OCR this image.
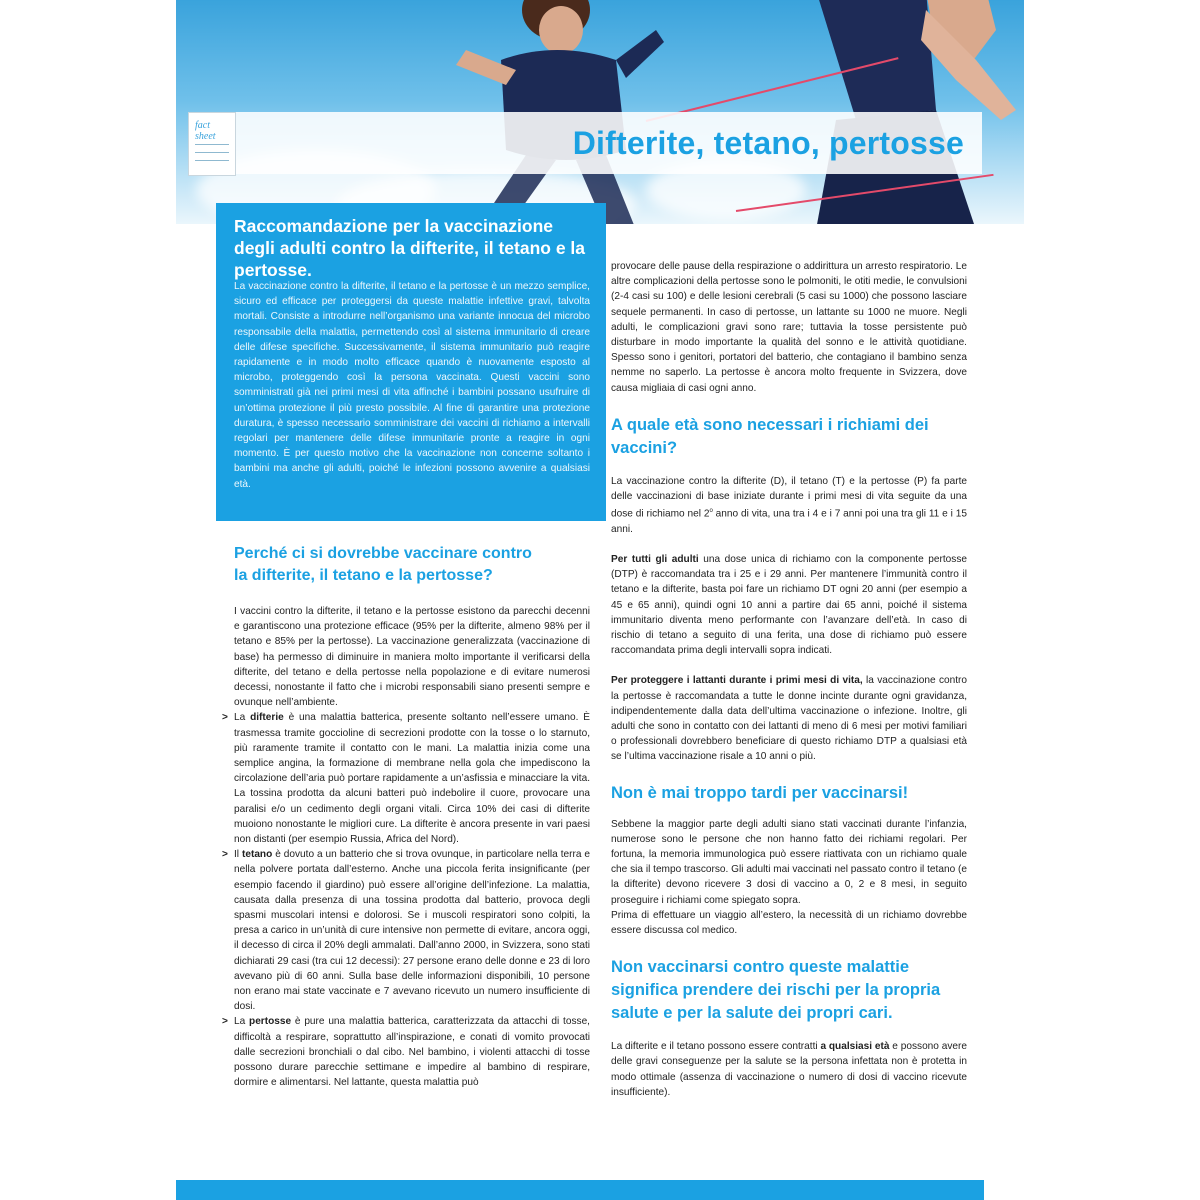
fact
sheet	Difterite, tetano, pertosse
Raccomandazione per la vaccinazione degli adulti contro la difterite, il tetano e la pertosse.

La vaccinazione contro la difterite, il tetano e la pertosse è un mezzo semplice, sicuro ed efficace per proteggersi da queste malattie infettive gravi, talvolta mortali. Consiste a introdurre nell’organismo una variante innocua del microbo responsabile della malattia, permettendo così al sistema immunitario di creare delle difese specifiche. Successivamente, il sistema immunitario può reagire rapidamente e in modo molto efficace quando è nuovamente esposto al microbo, proteggendo così la persona vaccinata. Questi vaccini sono somministrati già nei primi mesi di vita affinché i bambini possano usufruire di un’ottima protezione il più presto possibile. Al fine di garantire una protezione duratura, è spesso necessario somministrare dei vaccini di richiamo a intervalli regolari per mantenere delle difese immunitarie pronte a reagire in ogni momento. È per questo motivo che la vaccinazione non concerne soltanto i bambini ma anche gli adulti, poiché le infezioni possono avvenire a qualsiasi età.

Perché ci si dovrebbe vaccinare contro
la difterite, il tetano e la pertosse?

I vaccini contro la difterite, il tetano e la pertosse esistono da parecchi decenni e garantiscono una protezione efficace (95% per la difterite, almeno 98% per il tetano e 85% per la pertosse). La vaccinazione generalizzata (vaccinazione di base) ha permesso di diminuire in maniera molto importante il verificarsi della difterite, del tetano e della pertosse nella popolazione e di evitare numerosi decessi, nonostante il fatto che i microbi responsabili siano presenti sempre e ovunque nell’ambiente.

> La difterie è una malattia batterica, presente soltanto nell’essere umano. È trasmessa tramite goccioline di secrezioni prodotte con la tosse o lo starnuto, più raramente tramite il contatto con le mani. La malattia inizia come una semplice angina, la formazione di membrane nella gola che impediscono la circolazione dell’aria può portare rapidamente a un’asfissia e minacciare la vita. La tossina prodotta da alcuni batteri può indebolire il cuore, provocare una paralisi e/o un cedimento degli organi vitali. Circa 10% dei casi di difterite muoiono nonostante le migliori cure. La difterite è ancora presente in vari paesi non distanti (per esempio Russia, Africa del Nord).
> Il tetano è dovuto a un batterio che si trova ovunque, in particolare nella terra e nella polvere portata dall’esterno. Anche una piccola ferita insignificante (per esempio facendo il giardino) può essere all’origine dell’infezione. La malattia, causata dalla presenza di una tossina prodotta dal batterio, provoca degli spasmi muscolari intensi e dolorosi. Se i muscoli respiratori sono colpiti, la presa a carico in un’unità di cure intensive non permette di evitare, ancora oggi, il decesso di circa il 20% degli ammalati. Dall’anno 2000, in Svizzera, sono stati dichiarati 29 casi (tra cui 12 decessi): 27 persone erano delle donne e 23 di loro avevano più di 60 anni. Sulla base delle informazioni disponibili, 10 persone non erano mai state vaccinate e 7 avevano ricevuto un numero insufficiente di dosi.
> La pertosse è pure una malattia batterica, caratterizzata da attacchi di tosse, difficoltà a respirare, soprattutto all’inspirazione, e conati di vomito provocati dalle secrezioni bronchiali o dal cibo. Nel bambino, i violenti attacchi di tosse possono durare parecchie settimane e impedire al bambino di respirare, dormire e alimentarsi. Nel lattante, questa malattia può

provocare delle pause della respirazione o addirittura un arresto respiratorio. Le altre complicazioni della pertosse sono le polmoniti, le otiti medie, le convulsioni (2-4 casi su 100) e delle lesioni cerebrali (5 casi su 1000) che possono lasciare sequele permanenti. In caso di pertosse, un lattante su 1000 ne muore. Negli adulti, le complicazioni gravi sono rare; tuttavia la tosse persistente può disturbare in modo importante la qualità del sonno e le attività quotidiane. Spesso sono i genitori, portatori del batterio, che contagiano il bambino senza nemme no saperlo. La pertosse è ancora molto frequente in Svizzera, dove causa migliaia di casi ogni anno.

A quale età sono necessari i richiami dei vaccini?

La vaccinazione contro la difterite (D), il tetano (T) e la pertosse (P) fa parte delle vaccinazioni di base iniziate durante i primi mesi di vita seguite da una dose di richiamo nel 2$^o$ anno di vita, una tra i 4 e i 7 anni poi una tra gli 11 e i 15 anni.

Per tutti gli adulti una dose unica di richiamo con la componente pertosse (DTP) è raccomandata tra i 25 e i 29 anni. Per mantenere l’immunità contro il tetano e la difterite, basta poi fare un richiamo DT ogni 20 anni (per esempio a 45 e 65 anni), quindi ogni 10 anni a partire dai 65 anni, poiché il sistema immunitario diventa meno performante con l’avanzare dell’età. In caso di rischio di tetano a seguito di una ferita, una dose di richiamo può essere raccomandata prima degli intervalli sopra indicati.

Per proteggere i lattanti durante i primi mesi di vita, la vaccinazione contro la pertosse è raccomandata a tutte le donne incinte durante ogni gravidanza, indipendentemente dalla data dell’ultima vaccinazione o infezione. Inoltre, gli adulti che sono in contatto con dei lattanti di meno di 6 mesi per motivi familiari o professionali dovrebbero beneficiare di questo richiamo DTP a qualsiasi età se l’ultima vaccinazione risale a 10 anni o più.

Non è mai troppo tardi per vaccinarsi!

Sebbene la maggior parte degli adulti siano stati vaccinati durante l’infanzia, numerose sono le persone che non hanno fatto dei richiami regolari. Per fortuna, la memoria immunologica può essere riattivata con un richiamo quale che sia il tempo trascorso. Gli adulti mai vaccinati nel passato contro il tetano (e la difterite) devono ricevere 3 dosi di vaccino a 0, 2 e 8 mesi, in seguito proseguire i richiami come spiegato sopra.

Prima di effettuare un viaggio all’estero, la necessità di un richiamo dovrebbe essere discussa col medico.

Non vaccinarsi contro queste malattie significa prendere dei rischi per la propria salute e per la salute dei propri cari.

La difterite e il tetano possono essere contratti a qualsiasi età e possono avere delle gravi conseguenze per la salute se la persona infettata non è protetta in modo ottimale (assenza di vaccinazione o numero di dosi di vaccino ricevute insufficiente).
